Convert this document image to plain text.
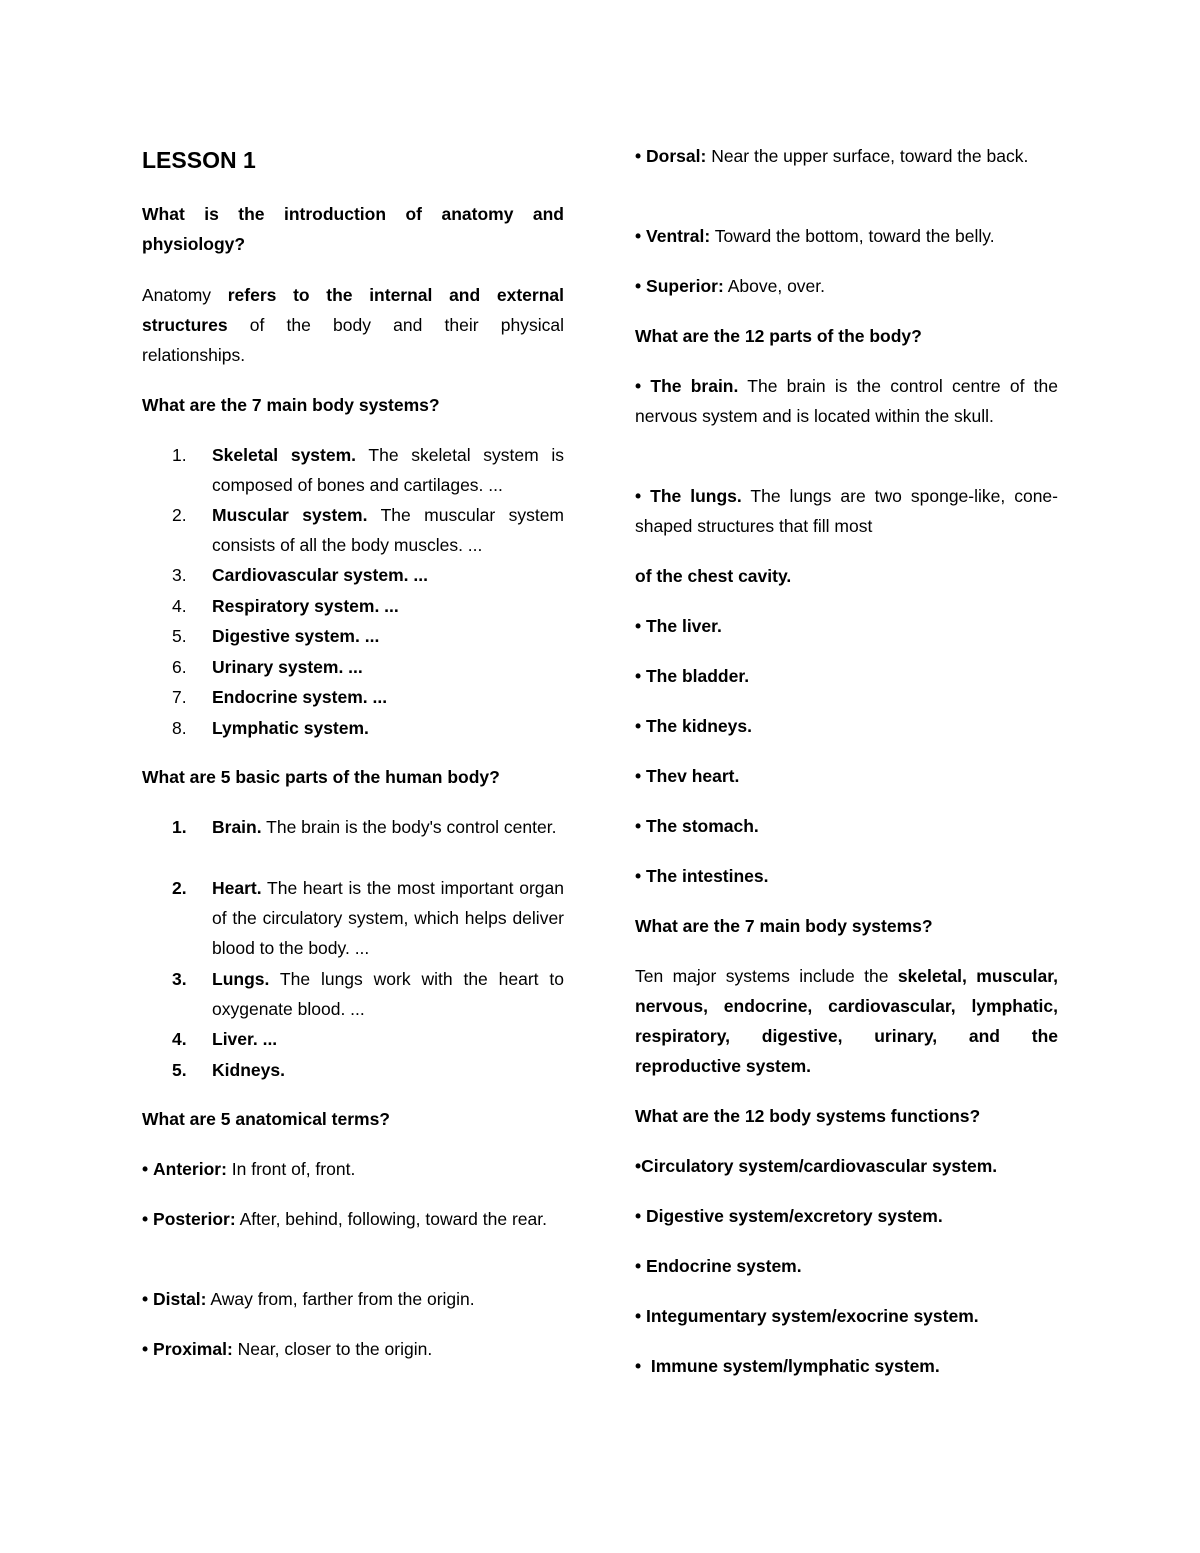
LESSON 1

What is the introduction of anatomy and physiology?

Anatomy refers to the internal and external structures of the body and their physical relationships.

What are the 7 main body systems?

1.	Skeletal system. The skeletal system is composed of bones and cartilages. ...
2.	Muscular system. The muscular system consists of all the body muscles. ...
3.	Cardiovascular system. ...
4.	Respiratory system. ...
5.	Digestive system. ...
6.	Urinary system. ...
7.	Endocrine system. ...
8.	Lymphatic system.

What are 5 basic parts of the human body?

1.	Brain. The brain is the body's control center.
2.	Heart. The heart is the most important organ of the circulatory system, which helps deliver blood to the body. ...
3.	Lungs. The lungs work with the heart to oxygenate blood. ...
4.	Liver. ...
5.	Kidneys.

What are 5 anatomical terms?

• Anterior: In front of, front.

• Posterior: After, behind, following, toward the rear.

• Distal: Away from, farther from the origin.

• Proximal: Near, closer to the origin.

• Dorsal: Near the upper surface, toward the back.

• Ventral: Toward the bottom, toward the belly.

• Superior: Above, over.

What are the 12 parts of the body?

• The brain. The brain is the control centre of the nervous system and is located within the skull.

• The lungs. The lungs are two sponge-like, cone-shaped structures that fill most

of the chest cavity.

• The liver.

• The bladder.

• The kidneys.

• Thev heart.

• The stomach.

• The intestines.

What are the 7 main body systems?

Ten major systems include the skeletal, muscular, nervous, endocrine, cardiovascular, lymphatic, respiratory, digestive, urinary, and the reproductive system.

What are the 12 body systems functions?

•Circulatory system/cardiovascular system.

• Digestive system/excretory system.

• Endocrine system.

• Integumentary system/exocrine system.

•  Immune system/lymphatic system.
